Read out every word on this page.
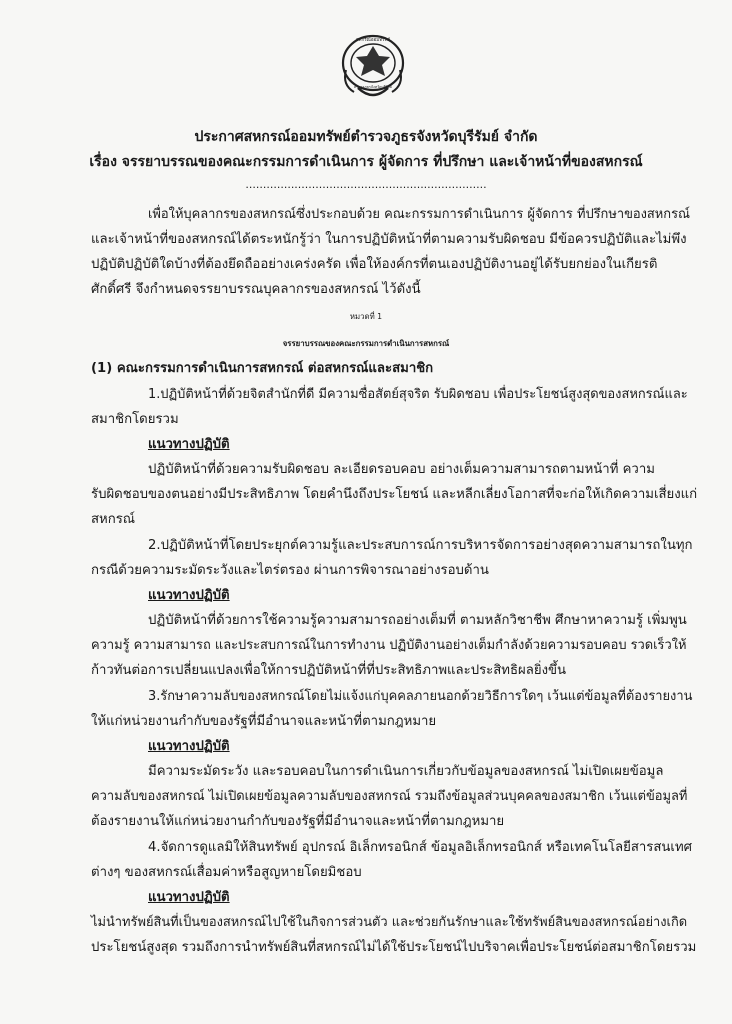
สหกรณ์ออมทรัพย์
ตำรวจภูธรจังหวัดบุรีรัมย์
ประกาศสหกรณ์ออมทรัพย์ตำรวจภูธรจังหวัดบุรีรัมย์ จำกัด
เรื่อง จรรยาบรรณของคณะกรรมการดำเนินการ ผู้จัดการ ที่ปรึกษา และเจ้าหน้าที่ของสหกรณ์
.....................................................................
เพื่อให้บุคลากรของสหกรณ์ซึ่งประกอบด้วย คณะกรรมการดำเนินการ ผู้จัดการ ที่ปรึกษาของสหกรณ์
และเจ้าหน้าที่ของสหกรณ์ได้ตระหนักรู้ว่า ในการปฏิบัติหน้าที่ตามความรับผิดชอบ มีข้อควรปฏิบัติและไม่พึง
ปฏิบัติปฏิบัติใดบ้างที่ต้องยึดถืออย่างเคร่งครัด เพื่อให้องค์กรที่ตนเองปฏิบัติงานอยู่ได้รับยกย่องในเกียรติ
ศักดิ์ศรี จึงกำหนดจรรยาบรรณบุคลากรของสหกรณ์ ไว้ดังนี้
หมวดที่ 1
จรรยาบรรณของคณะกรรมการดำเนินการสหกรณ์
(1) คณะกรรมการดำเนินการสหกรณ์ ต่อสหกรณ์และสมาชิก
1.ปฏิบัติหน้าที่ด้วยจิตสำนักที่ดี มีความซื่อสัตย์สุจริต รับผิดชอบ เพื่อประโยชน์สูงสุดของสหกรณ์และ
สมาชิกโดยรวม
แนวทางปฏิบัติ
ปฏิบัติหน้าที่ด้วยความรับผิดชอบ ละเอียดรอบคอบ อย่างเต็มความสามารถตามหน้าที่ ความ
รับผิดชอบของตนอย่างมีประสิทธิภาพ โดยคำนึงถึงประโยชน์ และหลีกเลี่ยงโอกาสที่จะก่อให้เกิดความเสี่ยงแก่
สหกรณ์
2.ปฏิบัติหน้าที่โดยประยุกต์ความรู้และประสบการณ์การบริหารจัดการอย่างสุดความสามารถในทุก
กรณีด้วยความระมัดระวังและไตร่ตรอง ผ่านการพิจารณาอย่างรอบด้าน
แนวทางปฏิบัติ
ปฏิบัติหน้าที่ด้วยการใช้ความรู้ความสามารถอย่างเต็มที่ ตามหลักวิชาชีพ ศึกษาหาความรู้ เพิ่มพูน
ความรู้ ความสามารถ และประสบการณ์ในการทำงาน ปฏิบัติงานอย่างเต็มกำลังด้วยความรอบคอบ รวดเร็วให้
ก้าวทันต่อการเปลี่ยนแปลงเพื่อให้การปฏิบัติหน้าที่ที่ประสิทธิภาพและประสิทธิผลยิ่งขึ้น
3.รักษาความลับของสหกรณ์โดยไม่แจ้งแก่บุคคลภายนอกด้วยวิธีการใดๆ เว้นแต่ข้อมูลที่ต้องรายงาน
ให้แก่หน่วยงานกำกับของรัฐที่มีอำนาจและหน้าที่ตามกฎหมาย
แนวทางปฏิบัติ
มีความระมัดระวัง และรอบคอบในการดำเนินการเกี่ยวกับข้อมูลของสหกรณ์ ไม่เปิดเผยข้อมูล
ความลับของสหกรณ์ ไม่เปิดเผยข้อมูลความลับของสหกรณ์ รวมถึงข้อมูลส่วนบุคคลของสมาชิก เว้นแต่ข้อมูลที่
ต้องรายงานให้แก่หน่วยงานกำกับของรัฐที่มีอำนาจและหน้าที่ตามกฎหมาย
4.จัดการดูแลมิให้สินทรัพย์ อุปกรณ์ อิเล็กทรอนิกส์ ข้อมูลอิเล็กทรอนิกส์ หรือเทคโนโลยีสารสนเทศ
ต่างๆ ของสหกรณ์เสื่อมค่าหรือสูญหายโดยมิชอบ
แนวทางปฏิบัติ
ไม่นำทรัพย์สินที่เป็นของสหกรณ์ไปใช้ในกิจการส่วนตัว และช่วยกันรักษาและใช้ทรัพย์สินของสหกรณ์อย่างเกิด
ประโยชน์สูงสุด รวมถึงการนำทรัพย์สินที่สหกรณ์ไม่ได้ใช้ประโยชน์ไปบริจาคเพื่อประโยชน์ต่อสมาชิกโดยรวม
